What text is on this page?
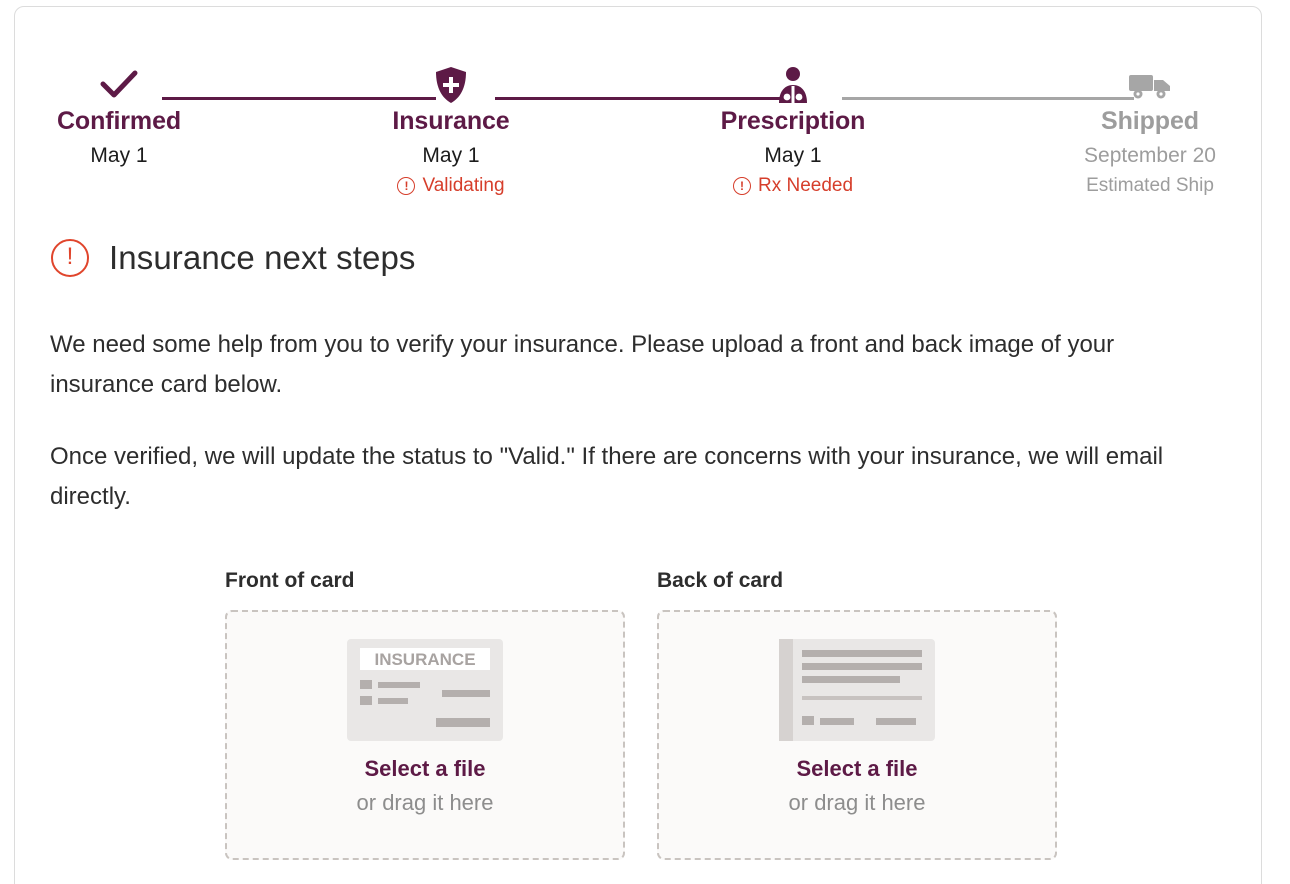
Confirmed
May 1
Insurance
May 1
! Validating
Prescription
May 1
! Rx Needed
Shipped
September 20
Estimated Ship
!	Insurance next steps
We need some help from you to verify your insurance. Please upload a front and back image of your insurance card below.
Once verified, we will update the status to "Valid." If there are concerns with your insurance, we will email directly.
Front of card
INSURANCE
Select a file
or drag it here
Back of card
Select a file
or drag it here
